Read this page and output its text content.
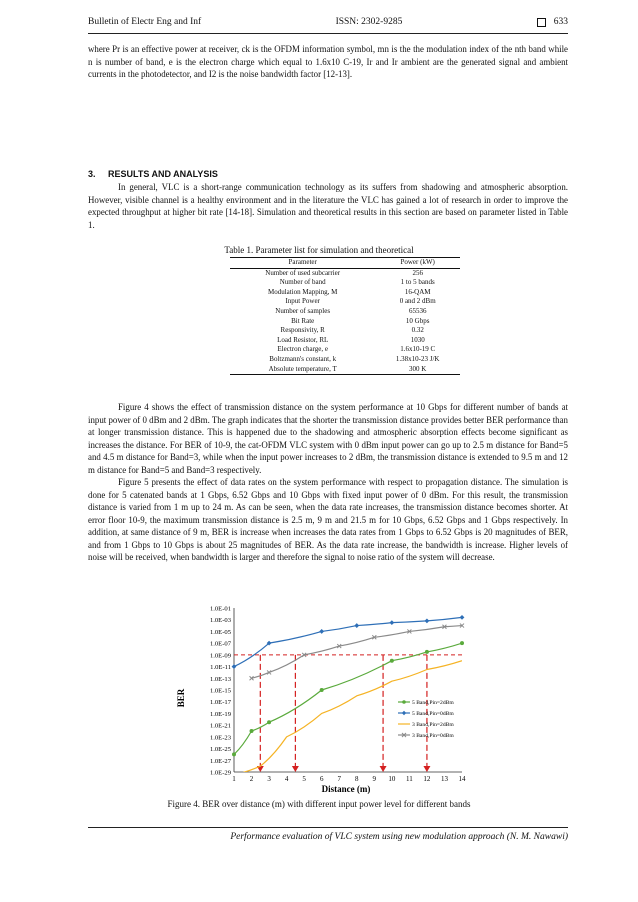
Bulletin of Electr Eng and Inf	ISSN: 2302-9285	633

where Pr is an effective power at receiver, ck is the OFDM information symbol, mn is the the modulation index of the nth band while n is number of band, e is the electron charge which equal to 1.6x10 C-19, Ir and Ir ambient are the generated signal and ambient currents in the photodetector, and I2 is the noise bandwidth factor [12-13].

3.     RESULTS AND ANALYSIS

In general, VLC is a short-range communication technology as its suffers from shadowing and atmospheric absorption. However, visible channel is a healthy environment and in the literature the VLC has gained a lot of research in order to improve the expected throughput at higher bit rate [14-18]. Simulation and theoretical results in this section are based on parameter listed in Table 1.

Table 1. Parameter list for simulation and theoretical
Parameter	Power (kW)
Number of used subcarrier	256
Number of band	1 to 5 bands
Modulation Mapping, M	16-QAM
Input Power	0 and 2 dBm
Number of samples	65536
Bit Rate	10 Gbps
Responsivity, R	0.32
Load Resistor, RL	1030
Electron charge, e	1.6x10-19 C
Boltzmann's constant, k	1.38x10-23 J/K
Absolute temperature, T	300 K

Figure 4 shows the effect of transmission distance on the system performance at 10 Gbps for different number of bands at input power of 0 dBm and 2 dBm. The graph indicates that the shorter the transmission distance provides better BER performance than at longer transmission distance. This is happened due to the shadowing and atmospheric absorption effects become significant as increases the distance. For BER of 10-9, the cat-OFDM VLC system with 0 dBm input power can go up to 2.5 m distance for Band=5 and 4.5 m distance for Band=3, while when the input power increases to 2 dBm, the transmission distance is extended to 9.5 m and 12 m distance for Band=5 and Band=3 respectively.

Figure 5 presents the effect of data rates on the system performance with respect to propagation distance. The simulation is done for 5 catenated bands at 1 Gbps, 6.52 Gbps and 10 Gbps with fixed input power of 0 dBm. For this result, the transmission distance is varied from 1 m up to 24 m. As can be seen, when the data rate increases, the transmission distance becomes shorter. At error floor 10-9, the maximum transmission distance is 2.5 m, 9 m and 21.5 m for 10 Gbps, 6.52 Gbps and 1 Gbps respectively. In addition, at same distance of 9 m, BER is increase when increases the data rates from 1 Gbps to 6.52 Gbps is 20 magnitudes of BER, and from 1 Gbps to 10 Gbps is about 25 magnitudes of BER. As the data rate increase, the bandwidth is increase. Higher levels of noise will be received, when bandwidth is larger and therefore the signal to noise ratio of the system will decrease.

1.0E-01
1.0E-03
1.0E-05
1.0E-07
1.0E-09
1.0E-11
1.0E-13
1.0E-15
1.0E-17
1.0E-19
1.0E-21
1.0E-23
1.0E-25
1.0E-27
1.0E-29
1 2 3 4 5 6 7 8 9 10 11 12 13 14
5 Band,Pin=2dBm
5 Band,Pin=0dBm
3 Band,Pin=2dBm
3 Band,Pin=0dBm
BER
Distance (m)
Figure 4. BER over distance (m) with different input power level for different bands
Performance evaluation of VLC system using new modulation approach (N. M. Nawawi)
